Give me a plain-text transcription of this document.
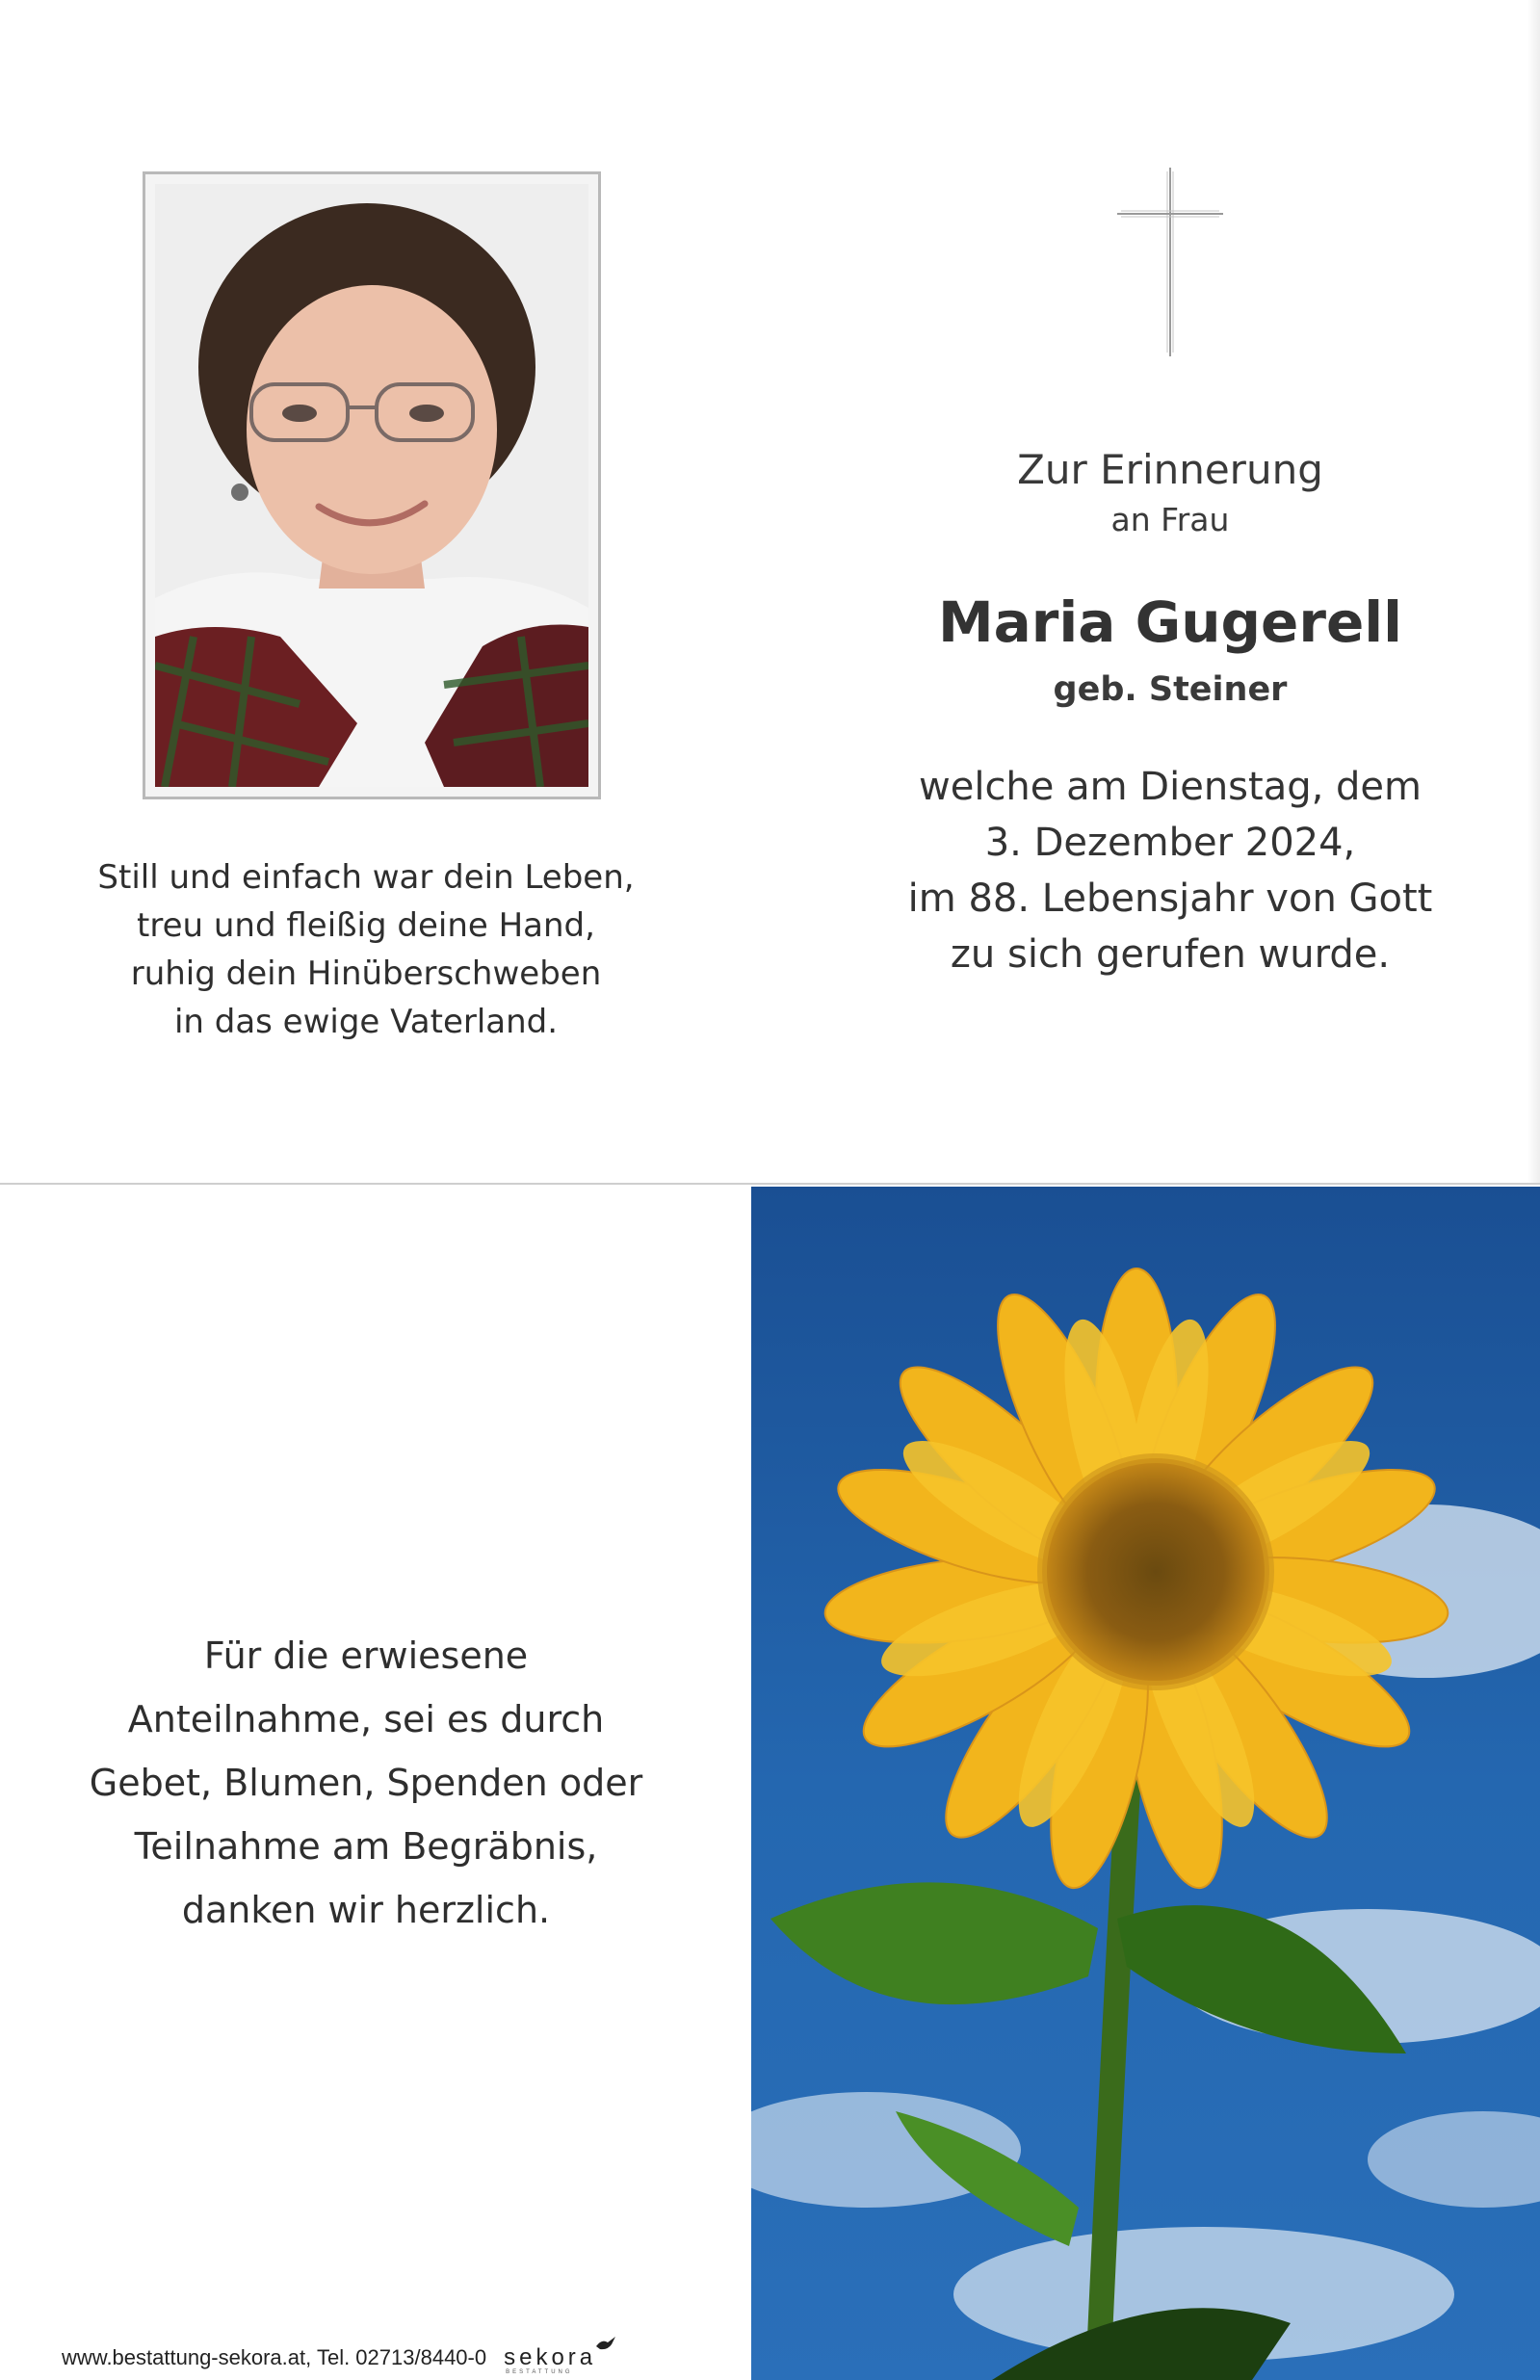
Still und einfach war dein Leben,
treu und fleißig deine Hand,
ruhig dein Hinüberschweben
in das ewige Vaterland.
Zur Erinnerung
an Frau
Maria Gugerell
geb. Steiner
welche am Dienstag, dem
3. Dezember 2024,
im 88. Lebensjahr von Gott
zu sich gerufen wurde.
Für die erwiesene
Anteilnahme, sei es durch
Gebet, Blumen, Spenden oder
Teilnahme am Begräbnis,
danken wir herzlich.
www.bestattung-sekora.at, Tel. 02713/8440-0 sekora
BESTATTUNG
